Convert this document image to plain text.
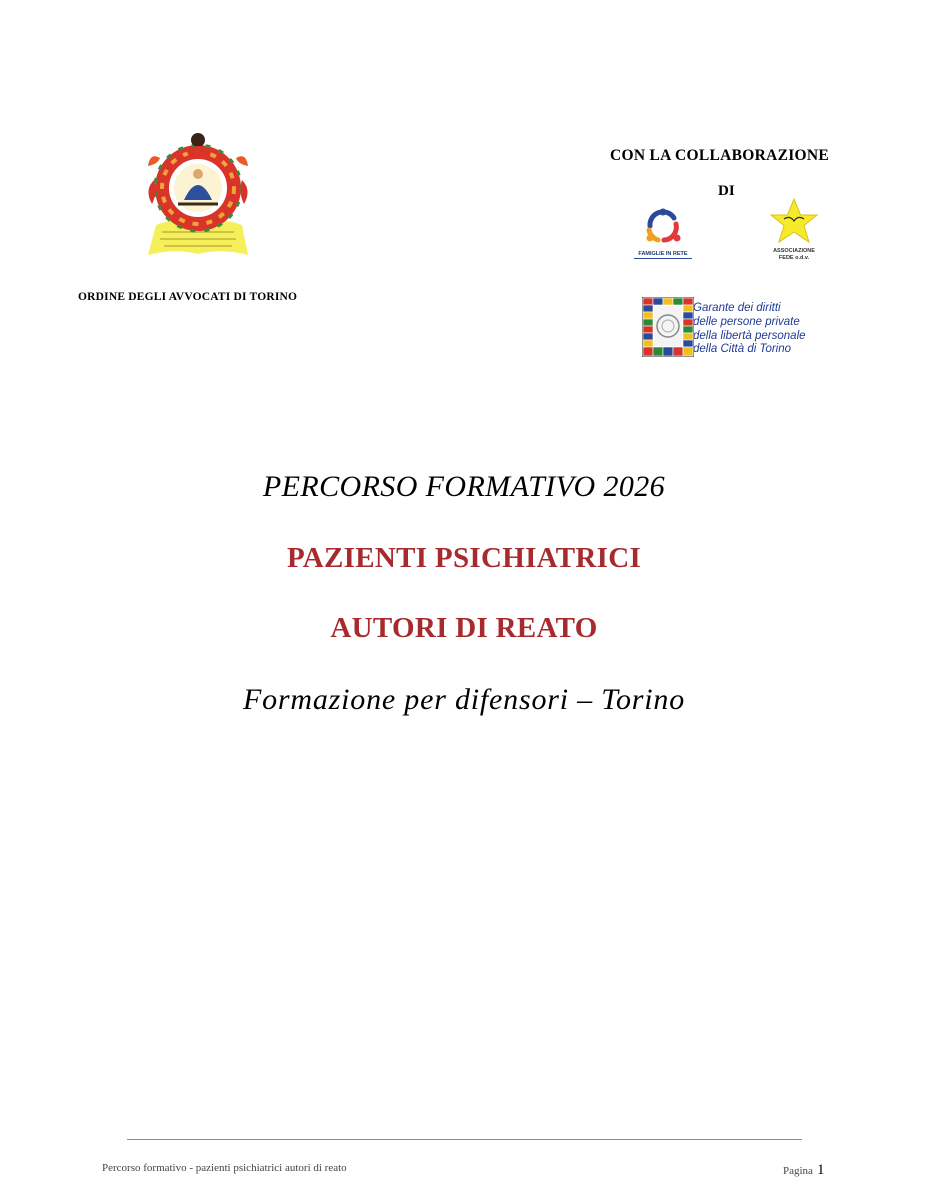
ORDINE DEGLI AVVOCATI DI TORINO
CON LA COLLABORAZIONE
DI
FAMIGLIE IN RETE	ASSOCIAZIONE
FEDE o.d.v.
Garante dei diritti
delle persone private
della libertà personale
della Città di Torino
PERCORSO FORMATIVO 2026
PAZIENTI PSICHIATRICI
AUTORI DI REATO
Formazione per difensori – Torino
Percorso formativo - pazienti psichiatrici autori di reato	Pagina 1
